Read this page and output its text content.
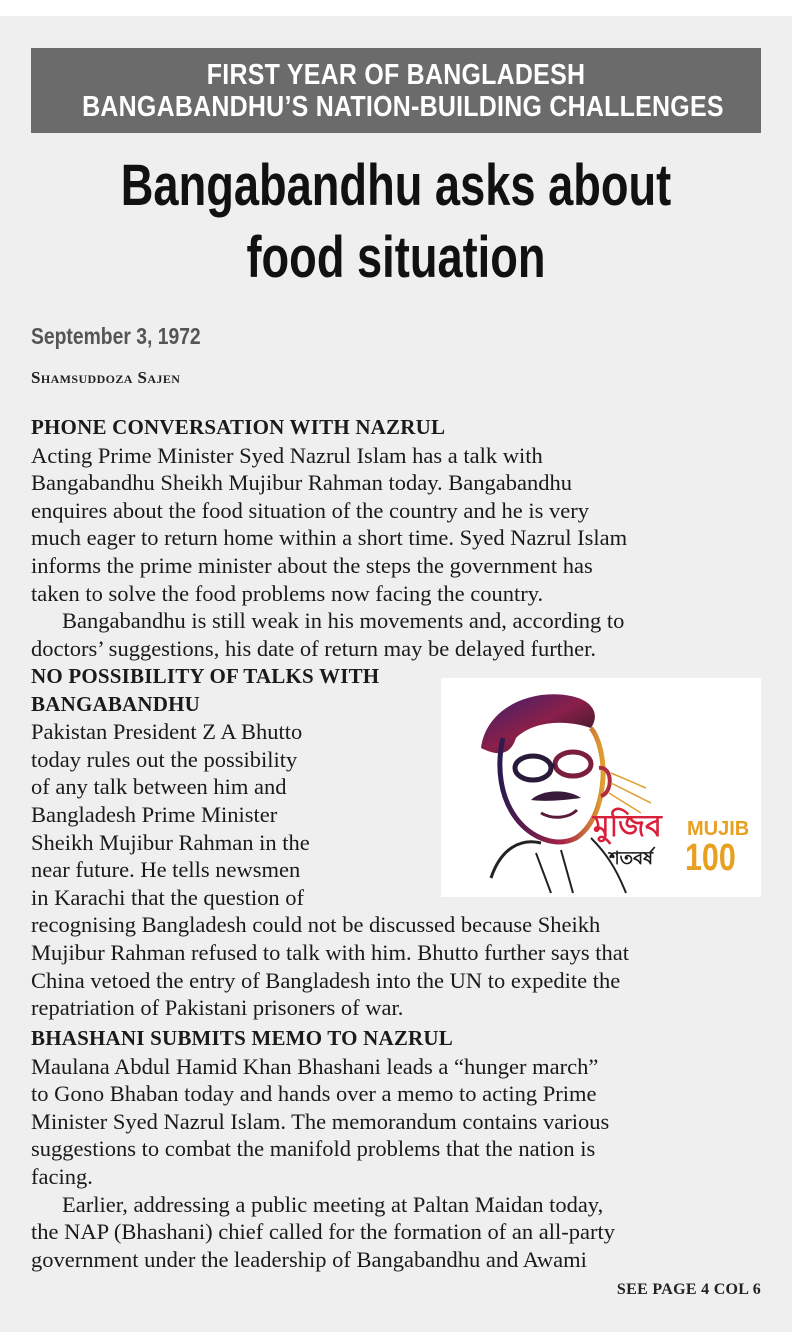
FIRST YEAR OF BANGLADESH
BANGABANDHU’S NATION-BUILDING CHALLENGES
Bangabandhu asks about
food situation
September 3, 1972
Shamsuddoza Sajen
PHONE CONVERSATION WITH NAZRUL
Acting Prime Minister Syed Nazrul Islam has a talk with
Bangabandhu Sheikh Mujibur Rahman today. Bangabandhu
enquires about the food situation of the country and he is very
much eager to return home within a short time. Syed Nazrul Islam
informs the prime minister about the steps the government has
taken to solve the food problems now facing the country.
Bangabandhu is still weak in his movements and, according to
doctors’ suggestions, his date of return may be delayed further.
NO POSSIBILITY OF TALKS WITH
BANGABANDHU
Pakistan President Z A Bhutto
today rules out the possibility
of any talk between him and
Bangladesh Prime Minister
Sheikh Mujibur Rahman in the
near future. He tells newsmen
in Karachi that the question of
recognising Bangladesh could not be discussed because Sheikh
Mujibur Rahman refused to talk with him. Bhutto further says that
China vetoed the entry of Bangladesh into the UN to expedite the
repatriation of Pakistani prisoners of war.
মুজিব
শতবর্ষ
MUJIB
100
BHASHANI SUBMITS MEMO TO NAZRUL
Maulana Abdul Hamid Khan Bhashani leads a “hunger march”
to Gono Bhaban today and hands over a memo to acting Prime
Minister Syed Nazrul Islam. The memorandum contains various
suggestions to combat the manifold problems that the nation is
facing.
Earlier, addressing a public meeting at Paltan Maidan today,
the NAP (Bhashani) chief called for the formation of an all-party
government under the leadership of Bangabandhu and Awami
SEE PAGE 4 COL 6
